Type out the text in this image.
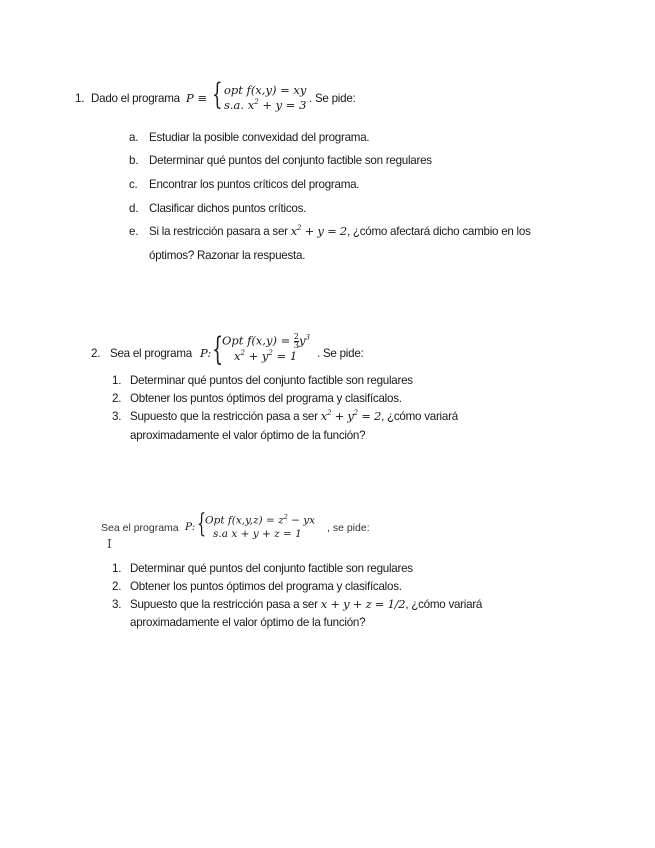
1. Dado el programa P ≡ { opt f(x,y) = xy
s.a. $x^2 + y = 3$ . Se pide:
a. Estudiar la posible convexidad del programa.
b. Determinar qué puntos del conjunto factible son regulares
c. Encontrar los puntos críticos del programa.
d. Clasificar dichos puntos críticos.
e. Si la restricción pasara a ser $x^2 + y = 2$, ¿cómo afectará dicho cambio en los
óptimos? Razonar la respuesta.
2. Sea el programa P: {
Opt $f(x,y) = \frac{2}{3} y^3$
$x^2 + y^2 = 1$	. Se pide:
1. Determinar qué puntos del conjunto factible son regulares
2. Obtener los puntos óptimos del programa y clasifícalos.
3. Supuesto que la restricción pasa a ser $x^2 + y^2 = 2$, ¿cómo variará
aproximadamente el valor óptimo de la función?
Sea el programa P: {
Opt $f(x,y,z) = z^2$ − yx
s.a x + y + z = 1	, se pide:
I
1. Determinar qué puntos del conjunto factible son regulares
2. Obtener los puntos óptimos del programa y clasifícalos.
3. Supuesto que la restricción pasa a ser x + y + z = 1/2, ¿cómo variará
aproximadamente el valor óptimo de la función?
